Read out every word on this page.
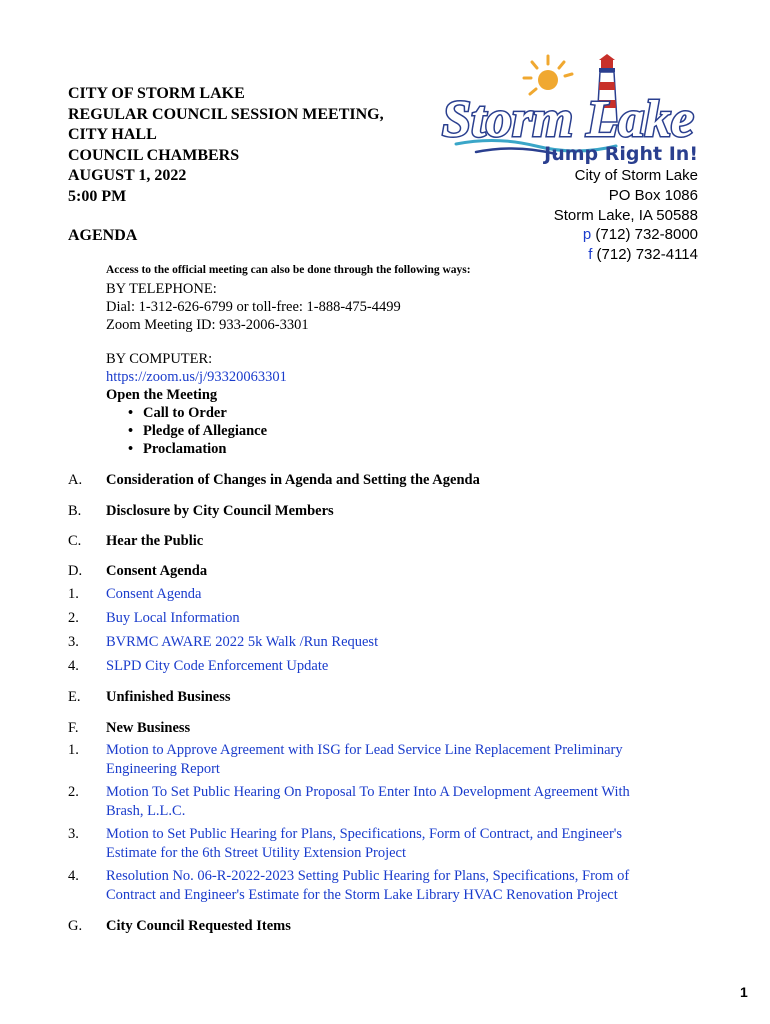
CITY OF STORM LAKE
REGULAR COUNCIL SESSION MEETING,
CITY HALL
COUNCIL CHAMBERS
AUGUST 1, 2022
5:00 PM
AGENDA
Storm Lake
Jump Right In!
City of Storm Lake
PO Box 1086
Storm Lake, IA 50588
p (712) 732-8000
f (712) 732-4114
Access to the official meeting can also be done through the following ways:
BY TELEPHONE:
Dial: 1-312-626-6799 or toll-free: 1-888-475-4499
Zoom Meeting ID: 933-2006-3301
BY COMPUTER:
https://zoom.us/j/93320063301
Open the Meeting
• Call to Order
• Pledge of Allegiance
• Proclamation
A. Consideration of Changes in Agenda and Setting the Agenda
B. Disclosure by City Council Members
C. Hear the Public
D. Consent Agenda
1. Consent Agenda
2. Buy Local Information
3. BVRMC AWARE 2022 5k Walk /Run Request
4. SLPD City Code Enforcement Update
E. Unfinished Business
F. New Business
1. Motion to Approve Agreement with ISG for Lead Service Line Replacement Preliminary
Engineering Report
2. Motion To Set Public Hearing On Proposal To Enter Into A Development Agreement With
Brash, L.L.C.
3. Motion to Set Public Hearing for Plans, Specifications, Form of Contract, and Engineer's
Estimate for the 6th Street Utility Extension Project
4. Resolution No. 06-R-2022-2023 Setting Public Hearing for Plans, Specifications, From of
Contract and Engineer's Estimate for the Storm Lake Library HVAC Renovation Project
G. City Council Requested Items
1
